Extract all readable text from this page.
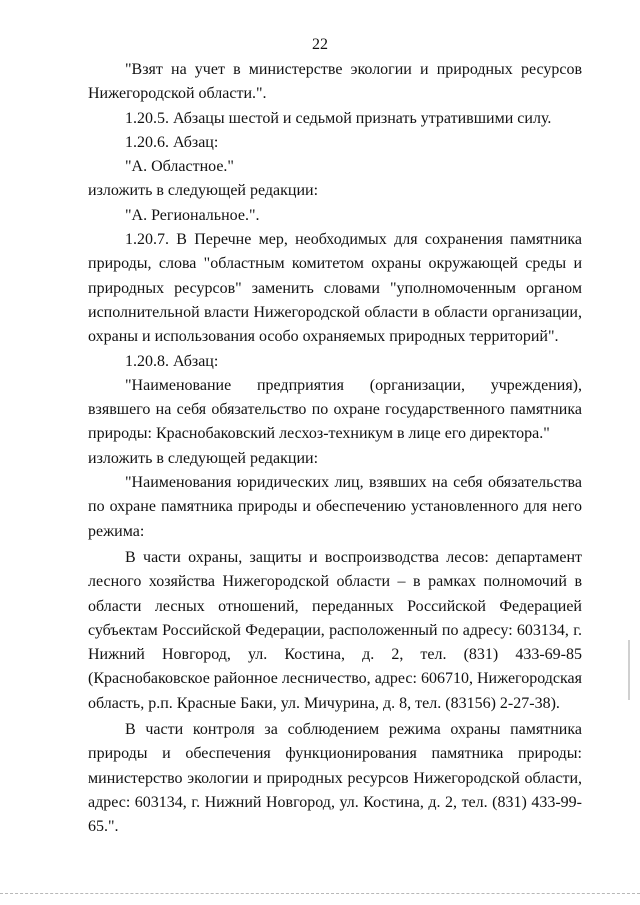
22

"Взят на учет в министерстве экологии и природных ресурсов Нижегородской области.".

1.20.5. Абзацы шестой и седьмой признать утратившими силу.

1.20.6. Абзац:

"А. Областное."

изложить в следующей редакции:

"А. Региональное.".

1.20.7. В Перечне мер, необходимых для сохранения памятника природы, слова "областным комитетом охраны окружающей среды и природных ресурсов" заменить словами "уполномоченным органом исполнительной власти Нижегородской области в области организации, охраны и использования особо охраняемых природных территорий".

1.20.8. Абзац:

"Наименование предприятия (организации, учреждения), взявшего на себя обязательство по охране государственного памятника природы: Краснобаковский лесхоз-техникум в лице его директора."

изложить в следующей редакции:

"Наименования юридических лиц, взявших на себя обязательства по охране памятника природы и обеспечению установленного для него режима:

В части охраны, защиты и воспроизводства лесов: департамент лесного хозяйства Нижегородской области – в рамках полномочий в области лесных отношений, переданных Российской Федерацией субъектам Российской Федерации, расположенный по адресу: 603134, г. Нижний Новгород, ул. Костина, д. 2, тел. (831) 433-69-85 (Краснобаковское районное лесничество, адрес: 606710, Нижегородская область, р.п. Красные Баки, ул. Мичурина, д. 8, тел. (83156) 2-27-38).

В части контроля за соблюдением режима охраны памятника природы и обеспечения функционирования памятника природы: министерство экологии и природных ресурсов Нижегородской области, адрес: 603134, г. Нижний Новгород, ул. Костина, д. 2, тел. (831) 433-99-65.".
